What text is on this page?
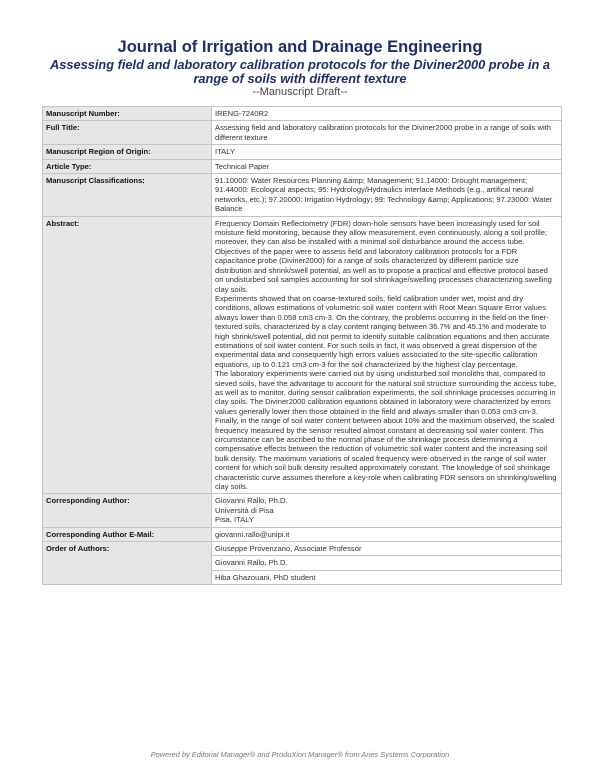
Journal of Irrigation and Drainage Engineering
Assessing field and laboratory calibration protocols for the Diviner2000 probe in a range of soils with different texture
--Manuscript Draft--
Manuscript Number:	IRENG-7240R2
Full Title:	Assessing field and laboratory calibration protocols for the Diviner2000 probe in a range of soils with different texture
Manuscript Region of Origin:	ITALY
Article Type:	Technical Paper
Manuscript Classifications:	91.10000: Water Resources Planning &amp; Management; 91.14000: Drought management; 91.44000: Ecological aspects; 95: Hydrology/Hydraulics interface Methods (e.g., artifical neural networks, etc.); 97.20000: Irrigation Hydrology; 99: Technology &amp; Applications; 97.23000: Water Balance
Abstract:	Frequency Domain Reflectometry (FDR) down-hole sensors have been increasingly used for soil moisture field monitoring, because they allow measurement, even continuously, along a soil profile; moreover, they can also be installed with a minimal soil disturbance around the access tube.
Objectives of the paper were to assess field and laboratory calibration protocols for a FDR capacitance probe (Diviner2000) for a range of soils characterized by different particle size distribution and shrink/swell potential, as well as to propose a practical and effective protocol based on undisturbed soil samples accounting for soil shrinkage/swelling processes characterizing swelling clay soils.
Experiments showed that on coarse-textured soils, field calibration under wet, moist and dry conditions, allows estimations of volumetric soil water content with Root Mean Square Error values always lower than 0.058 cm3 cm-3. On the contrary, the problems occurring in the field on the finer-textured soils, characterized by a clay content ranging between 36.7% and 45.1% and moderate to high shrink/swell potential, did not permit to identify suitable calibration equations and then accurate estimations of soil water content. For such soils in fact, it was observed a great dispersion of the experimental data and consequently high errors values associated to the site-specific calibration equations, up to 0.121 cm3 cm-3 for the soil characterized by the highest clay percentage.
The laboratory experiments were carried out by using undisturbed soil monoliths that, compared to sieved soils, have the advantage to account for the natural soil structure surrounding the access tube, as well as to monitor, during sensor calibration experiments, the soil shrinkage processes occurring in clay soils. The Diviner2000 calibration equations obtained in laboratory were characterized by errors values generally lower then those obtained in the field and always smaller than 0.053 cm3 cm-3.
Finally, in the range of soil water content between about 10% and the maximum observed, the scaled frequency measured by the sensor resulted almost constant at decreasing soil water content. This circumstance can be ascribed to the normal phase of the shrinkage process determining a compensative effects between the reduction of volumetric soil water content and the increasing soil bulk density. The maximum variations of scaled frequency were observed in the range of soil water content for which soil bulk density resulted approximately constant. The knowledge of soil shrinkage characteristic curve assumes therefore a key-role when calibrating FDR sensors on shrinking/swelling clay soils.

Corresponding Author:	Giovanni Rallo, Ph.D.
Università di Pisa
Pisa, ITALY

Corresponding Author E-Mail:	giovanni.rallo@unipi.it
Order of Authors:	Giuseppe Provenzano, Associate Professor
	Giovanni Rallo, Ph.D.
	Hiba Ghazouani, PhD student
Powered by Editorial Manager® and ProduXion Manager® from Aries Systems Corporation
